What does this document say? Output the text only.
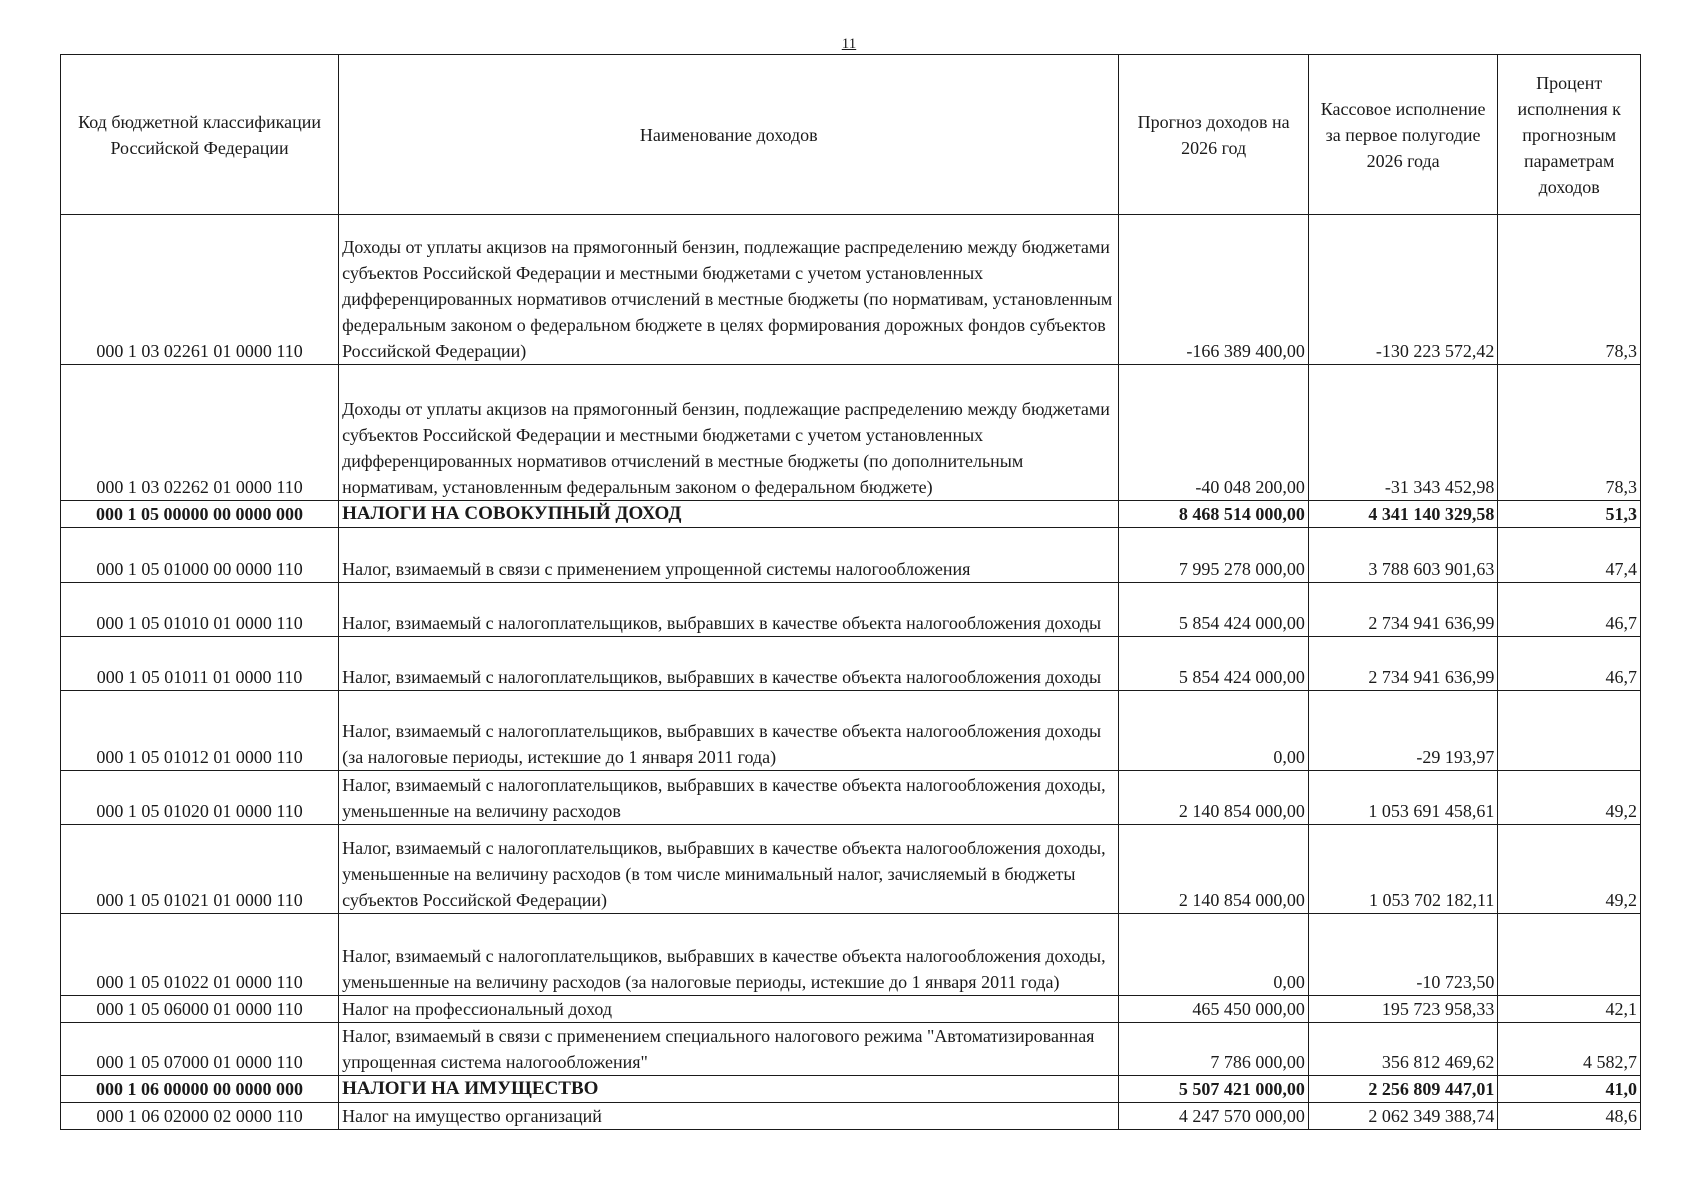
11
Код бюджетной классификации Российской Федерации	Наименование доходов	Прогноз доходов на 2026 год	Кассовое исполнение за первое полугодие 2026 года	Процент исполнения к прогнозным параметрам доходов
000 1 03 02261 01 0000 110	Доходы от уплаты акцизов на прямогонный бензин, подлежащие распределению между бюджетами субъектов Российской Федерации и местными бюджетами с учетом установленных дифференцированных нормативов отчислений в местные бюджеты (по нормативам, установленным федеральным законом о федеральном бюджете в целях формирования дорожных фондов субъектов Российской Федерации)	-166 389 400,00	-130 223 572,42	78,3
000 1 03 02262 01 0000 110	Доходы от уплаты акцизов на прямогонный бензин, подлежащие распределению между бюджетами субъектов Российской Федерации и местными бюджетами с учетом установленных дифференцированных нормативов отчислений в местные бюджеты (по дополнительным нормативам, установленным федеральным законом о федеральном бюджете)	-40 048 200,00	-31 343 452,98	78,3
000 1 05 00000 00 0000 000	НАЛОГИ НА СОВОКУПНЫЙ ДОХОД	8 468 514 000,00	4 341 140 329,58	51,3
000 1 05 01000 00 0000 110	Налог, взимаемый в связи с применением упрощенной системы налогообложения	7 995 278 000,00	3 788 603 901,63	47,4
000 1 05 01010 01 0000 110	Налог, взимаемый с налогоплательщиков, выбравших в качестве объекта налогообложения доходы	5 854 424 000,00	2 734 941 636,99	46,7
000 1 05 01011 01 0000 110	Налог, взимаемый с налогоплательщиков, выбравших в качестве объекта налогообложения доходы	5 854 424 000,00	2 734 941 636,99	46,7
000 1 05 01012 01 0000 110	Налог, взимаемый с налогоплательщиков, выбравших в качестве объекта налогообложения доходы (за налоговые периоды, истекшие до 1 января 2011 года)	0,00	-29 193,97	
000 1 05 01020 01 0000 110	Налог, взимаемый с налогоплательщиков, выбравших в качестве объекта налогообложения доходы, уменьшенные на величину расходов	2 140 854 000,00	1 053 691 458,61	49,2
000 1 05 01021 01 0000 110	Налог, взимаемый с налогоплательщиков, выбравших в качестве объекта налогообложения доходы, уменьшенные на величину расходов (в том числе минимальный налог, зачисляемый в бюджеты субъектов Российской Федерации)	2 140 854 000,00	1 053 702 182,11	49,2
000 1 05 01022 01 0000 110	Налог, взимаемый с налогоплательщиков, выбравших в качестве объекта налогообложения доходы, уменьшенные на величину расходов (за налоговые периоды, истекшие до 1 января 2011 года)	0,00	-10 723,50	
000 1 05 06000 01 0000 110	Налог на профессиональный доход	465 450 000,00	195 723 958,33	42,1
000 1 05 07000 01 0000 110	Налог, взимаемый в связи с применением специального налогового режима "Автоматизированная упрощенная система налогообложения"	7 786 000,00	356 812 469,62	4 582,7
000 1 06 00000 00 0000 000	НАЛОГИ НА ИМУЩЕСТВО	5 507 421 000,00	2 256 809 447,01	41,0
000 1 06 02000 02 0000 110	Налог на имущество организаций	4 247 570 000,00	2 062 349 388,74	48,6
